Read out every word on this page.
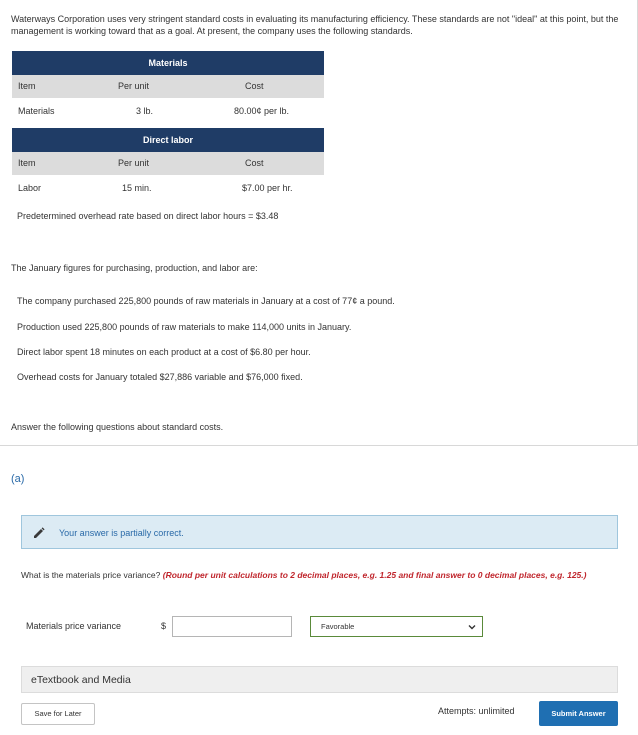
Waterways Corporation uses very stringent standard costs in evaluating its manufacturing efficiency. These standards are not "ideal" at this point, but the management is working toward that as a goal. At present, the company uses the following standards.
Materials
Item	Per unit	Cost
Materials	3 lb.	80.00¢ per lb.
Direct labor
Item	Per unit	Cost
Labor	15 min.	$7.00 per hr.
Predetermined overhead rate based on direct labor hours = $3.48
The January figures for purchasing, production, and labor are:
The company purchased 225,800 pounds of raw materials in January at a cost of 77¢ a pound.
Production used 225,800 pounds of raw materials to make 114,000 units in January.
Direct labor spent 18 minutes on each product at a cost of $6.80 per hour.
Overhead costs for January totaled $27,886 variable and $76,000 fixed.
Answer the following questions about standard costs.
(a)
Your answer is partially correct.
What is the materials price variance? (Round per unit calculations to 2 decimal places, e.g. 1.25 and final answer to 0 decimal places, e.g. 125.)
Materials price variance	$	Favorable
eTextbook and Media
Save for Later	Attempts: unlimited	Submit Answer
